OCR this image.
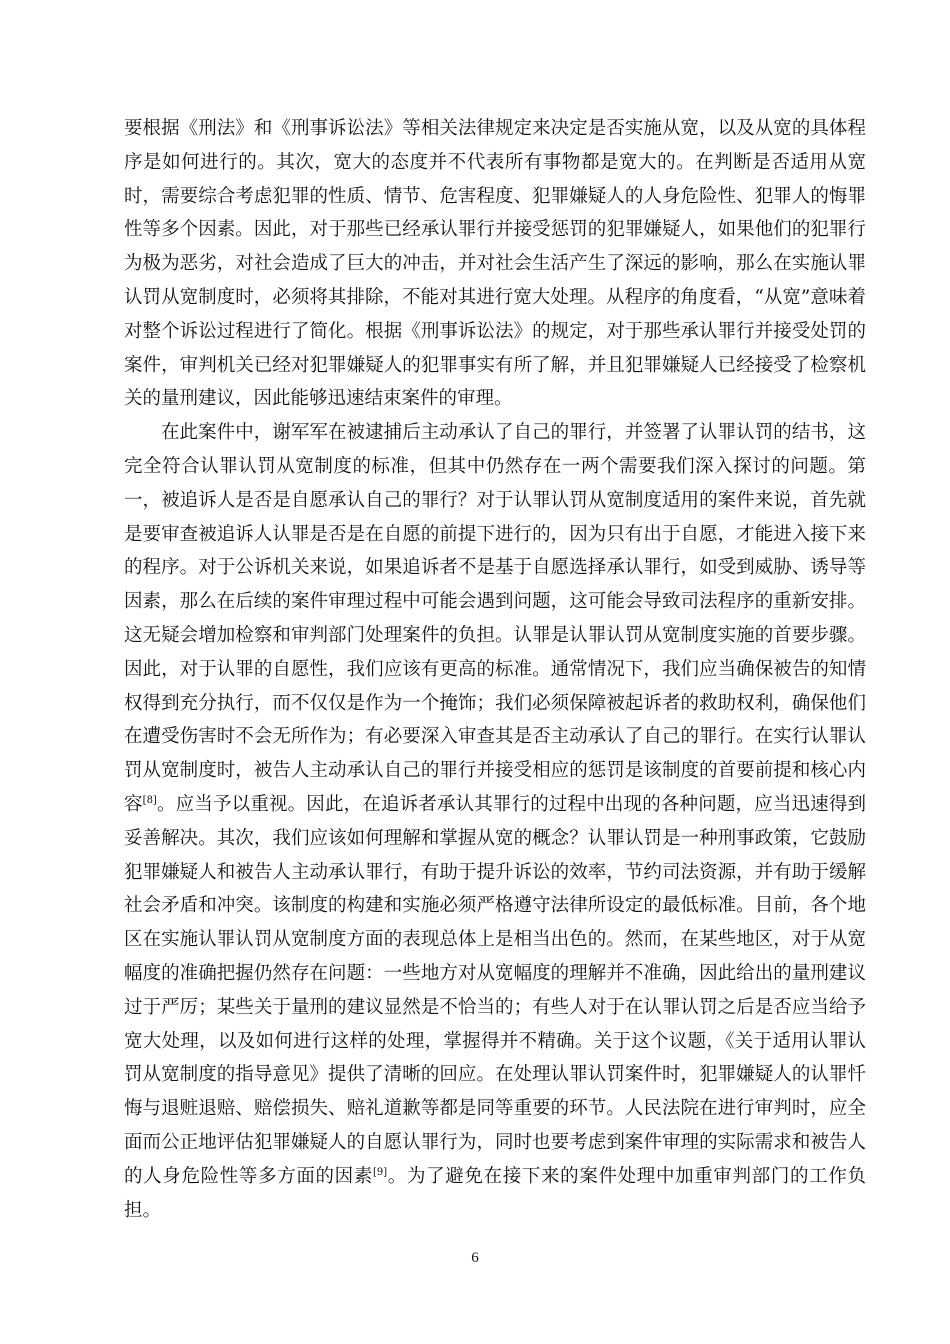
要根据《刑法》和《刑事诉讼法》等相关法律规定来决定是否实施从宽，以及从宽的具体程序是如何进行的。其次，宽大的态度并不代表所有事物都是宽大的。在判断是否适用从宽时，需要综合考虑犯罪的性质、情节、危害程度、犯罪嫌疑人的人身危险性、犯罪人的悔罪性等多个因素。因此，对于那些已经承认罪行并接受惩罚的犯罪嫌疑人，如果他们的犯罪行为极为恶劣，对社会造成了巨大的冲击，并对社会生活产生了深远的影响，那么在实施认罪认罚从宽制度时，必须将其排除，不能对其进行宽大处理。从程序的角度看，“从宽”意味着对整个诉讼过程进行了简化。根据《刑事诉讼法》的规定，对于那些承认罪行并接受处罚的案件，审判机关已经对犯罪嫌疑人的犯罪事实有所了解，并且犯罪嫌疑人已经接受了检察机关的量刑建议，因此能够迅速结束案件的审理。

在此案件中，谢军军在被逮捕后主动承认了自己的罪行，并签署了认罪认罚的结书，这完全符合认罪认罚从宽制度的标准，但其中仍然存在一两个需要我们深入探讨的问题。第一，被追诉人是否是自愿承认自己的罪行？对于认罪认罚从宽制度适用的案件来说，首先就是要审查被追诉人认罪是否是在自愿的前提下进行的，因为只有出于自愿，才能进入接下来的程序。对于公诉机关来说，如果追诉者不是基于自愿选择承认罪行，如受到威胁、诱导等因素，那么在后续的案件审理过程中可能会遇到问题，这可能会导致司法程序的重新安排。这无疑会增加检察和审判部门处理案件的负担。认罪是认罪认罚从宽制度实施的首要步骤。因此，对于认罪的自愿性，我们应该有更高的标准。通常情况下，我们应当确保被告的知情权得到充分执行，而不仅仅是作为一个掩饰；我们必须保障被起诉者的救助权利，确保他们在遭受伤害时不会无所作为；有必要深入审查其是否主动承认了自己的罪行。在实行认罪认罚从宽制度时，被告人主动承认自己的罪行并接受相应的惩罚是该制度的首要前提和核心内容[8]。应当予以重视。因此，在追诉者承认其罪行的过程中出现的各种问题，应当迅速得到妥善解决。其次，我们应该如何理解和掌握从宽的概念？认罪认罚是一种刑事政策，它鼓励犯罪嫌疑人和被告人主动承认罪行，有助于提升诉讼的效率，节约司法资源，并有助于缓解社会矛盾和冲突。该制度的构建和实施必须严格遵守法律所设定的最低标准。目前，各个地区在实施认罪认罚从宽制度方面的表现总体上是相当出色的。然而，在某些地区，对于从宽幅度的准确把握仍然存在问题：一些地方对从宽幅度的理解并不准确，因此给出的量刑建议过于严厉；某些关于量刑的建议显然是不恰当的；有些人对于在认罪认罚之后是否应当给予宽大处理，以及如何进行这样的处理，掌握得并不精确。关于这个议题，《关于适用认罪认罚从宽制度的指导意见》提供了清晰的回应。在处理认罪认罚案件时，犯罪嫌疑人的认罪忏悔与退赃退赔、赔偿损失、赔礼道歉等都是同等重要的环节。人民法院在进行审判时，应全面而公正地评估犯罪嫌疑人的自愿认罪行为，同时也要考虑到案件审理的实际需求和被告人的人身危险性等多方面的因素[9]。为了避免在接下来的案件处理中加重审判部门的工作负担。

6
